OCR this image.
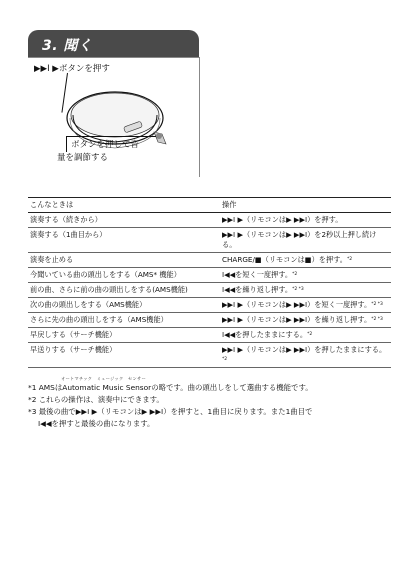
3. 聞く
▶▶I ▶ボタンを押す
ボタンを押して音
量を調節する
こんなときは	操作
演奏する（続きから）	▶▶I ▶（リモコンは▶ ▶▶I）を押す。
演奏する（1曲目から）	▶▶I ▶（リモコンは▶ ▶▶I）を2秒以上押し続ける。
演奏を止める	CHARGE/■（リモコンは■）を押す。$^{*2}$
今聞いている曲の頭出しをする（AMS* 機能）	I◀◀を短く一度押す。$^{*2}$
前の曲、さらに前の曲の頭出しをする(AMS機能)	I◀◀を繰り返し押す。$^{*2 *3}$
次の曲の頭出しをする（AMS機能）	▶▶I ▶（リモコンは▶ ▶▶I）を短く一度押す。$^{*2 *3}$
さらに先の曲の頭出しをする（AMS機能）	▶▶I ▶（リモコンは▶ ▶▶I）を繰り返し押す。$^{*2 *3}$
早戻しする（サーチ機能）	I◀◀を押したままにする。$^{*2}$
早送りする（サーチ機能）	▶▶I ▶（リモコンは▶ ▶▶I）を押したままにする。$^{*2}$
オートマチック　ミュージック　センサー
*1 AMSはAutomatic Music Sensorの略です。曲の頭出しをして選曲する機能です。
*2 これらの操作は、演奏中にできます。
*3 最後の曲で▶▶I ▶（リモコンは▶ ▶▶I）を押すと、1曲目に戻ります。また1曲目で
I◀◀を押すと最後の曲になります。
